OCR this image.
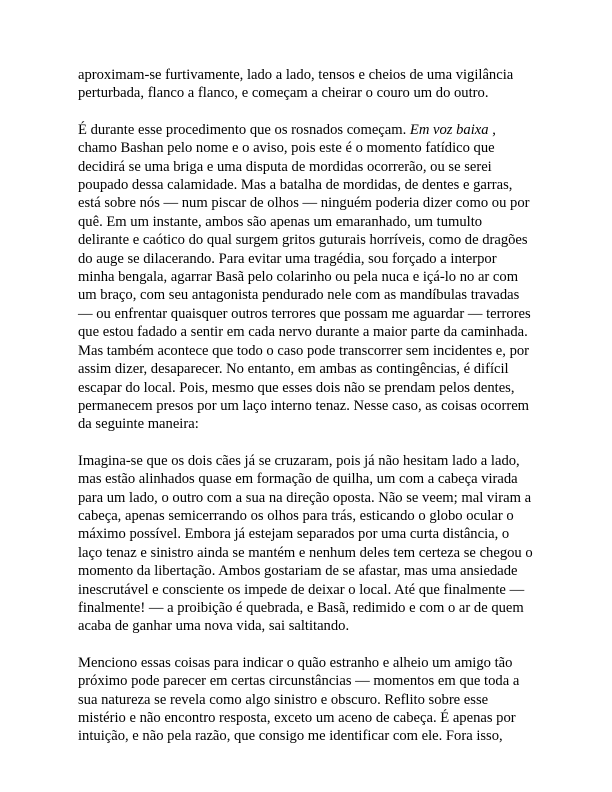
aproximam-se furtivamente, lado a lado, tensos e cheios de uma vigilância perturbada, flanco a flanco, e começam a cheirar o couro um do outro.

É durante esse procedimento que os rosnados começam. Em voz baixa , chamo Bashan pelo nome e o aviso, pois este é o momento fatídico que decidirá se uma briga e uma disputa de mordidas ocorrerão, ou se serei poupado dessa calamidade. Mas a batalha de mordidas, de dentes e garras, está sobre nós — num piscar de olhos — ninguém poderia dizer como ou por quê. Em um instante, ambos são apenas um emaranhado, um tumulto delirante e caótico do qual surgem gritos guturais horríveis, como de dragões do auge se dilacerando. Para evitar uma tragédia, sou forçado a interpor minha bengala, agarrar Basã pelo colarinho ou pela nuca e içá-lo no ar com um braço, com seu antagonista pendurado nele com as mandíbulas travadas — ou enfrentar quaisquer outros terrores que possam me aguardar — terrores que estou fadado a sentir em cada nervo durante a maior parte da caminhada. Mas também acontece que todo o caso pode transcorrer sem incidentes e, por assim dizer, desaparecer. No entanto, em ambas as contingências, é difícil escapar do local. Pois, mesmo que esses dois não se prendam pelos dentes, permanecem presos por um laço interno tenaz. Nesse caso, as coisas ocorrem da seguinte maneira:

Imagina-se que os dois cães já se cruzaram, pois já não hesitam lado a lado, mas estão alinhados quase em formação de quilha, um com a cabeça virada para um lado, o outro com a sua na direção oposta. Não se veem; mal viram a cabeça, apenas semicerrando os olhos para trás, esticando o globo ocular o máximo possível. Embora já estejam separados por uma curta distância, o laço tenaz e sinistro ainda se mantém e nenhum deles tem certeza se chegou o momento da libertação. Ambos gostariam de se afastar, mas uma ansiedade inescrutável e consciente os impede de deixar o local. Até que finalmente — finalmente! — a proibição é quebrada, e Basã, redimido e com o ar de quem acaba de ganhar uma nova vida, sai saltitando.

Menciono essas coisas para indicar o quão estranho e alheio um amigo tão próximo pode parecer em certas circunstâncias — momentos em que toda a sua natureza se revela como algo sinistro e obscuro. Reflito sobre esse mistério e não encontro resposta, exceto um aceno de cabeça. É apenas por intuição, e não pela razão, que consigo me identificar com ele. Fora isso,
